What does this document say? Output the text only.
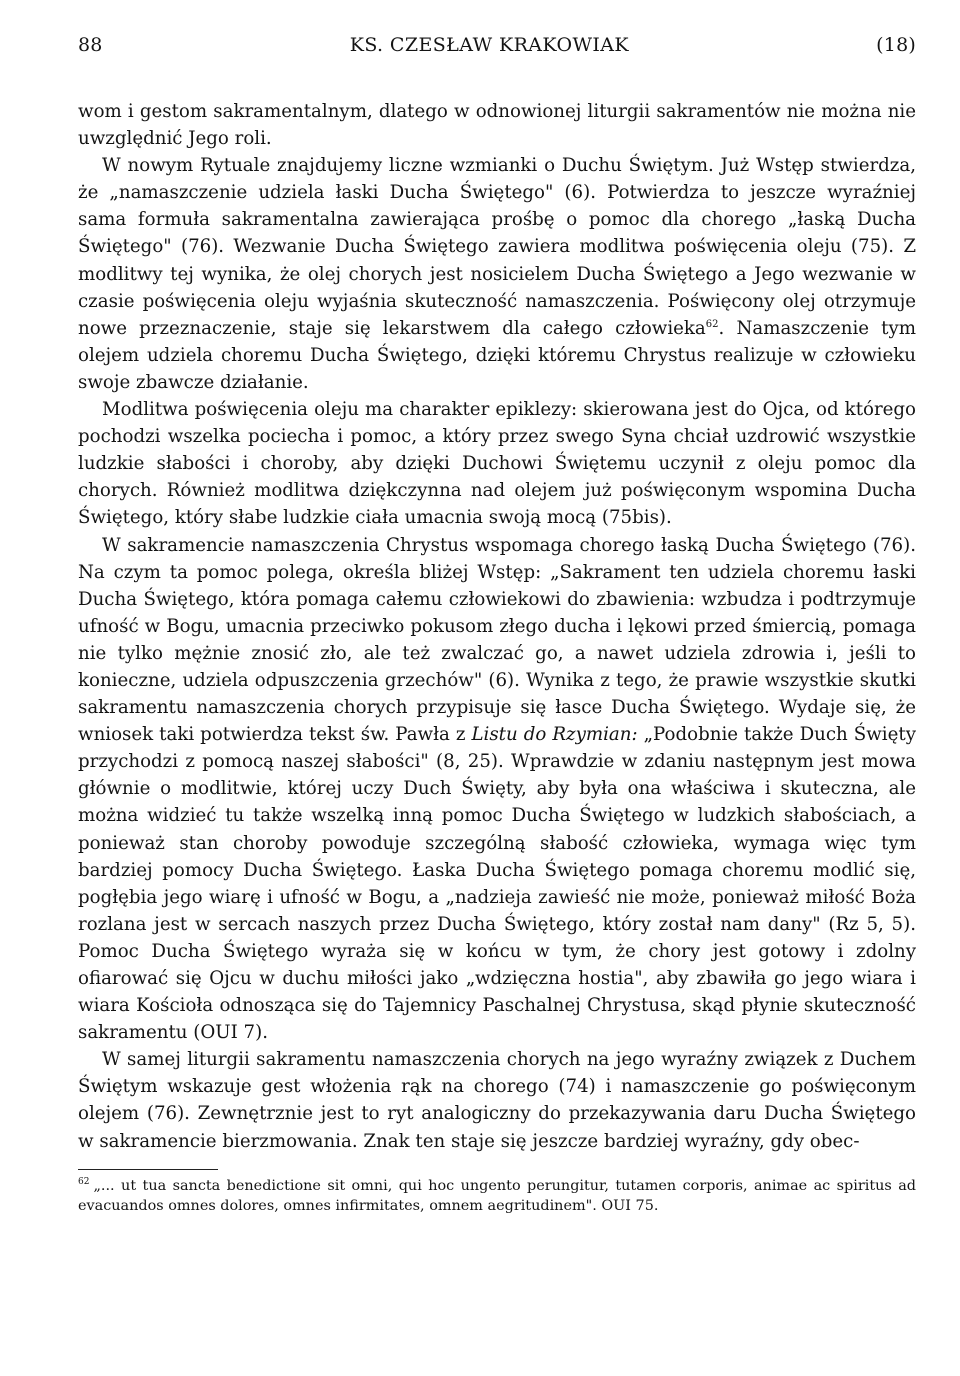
88	KS. CZESŁAW KRAKOWIAK	(18)

wom i gestom sakramentalnym, dlatego w odnowionej liturgii sakramentów nie można nie uwzględnić Jego roli.

W nowym Rytuale znajdujemy liczne wzmianki o Duchu Świętym. Już Wstęp stwierdza, że „namaszczenie udziela łaski Ducha Świętego" (6). Potwierdza to jeszcze wyraźniej sama formuła sakramentalna zawierająca prośbę o pomoc dla chorego „łaską Ducha Świętego" (76). Wezwanie Ducha Świętego zawiera modlitwa poświęcenia oleju (75). Z modlitwy tej wynika, że olej chorych jest nosicielem Ducha Świętego a Jego wezwanie w czasie poświęcenia oleju wyjaśnia skuteczność namaszczenia. Poświęcony olej otrzymuje nowe przeznaczenie, staje się lekarstwem dla całego człowieka$^{62}$. Namaszczenie tym olejem udziela choremu Ducha Świętego, dzięki któremu Chrystus realizuje w człowieku swoje zbawcze działanie.

Modlitwa poświęcenia oleju ma charakter epiklezy: skierowana jest do Ojca, od którego pochodzi wszelka pociecha i pomoc, a który przez swego Syna chciał uzdrowić wszystkie ludzkie słabości i choroby, aby dzięki Duchowi Świętemu uczynił z oleju pomoc dla chorych. Również modlitwa dziękczynna nad olejem już poświęconym wspomina Ducha Świętego, który słabe ludzkie ciała umacnia swoją mocą (75bis).

W sakramencie namaszczenia Chrystus wspomaga chorego łaską Ducha Świętego (76). Na czym ta pomoc polega, określa bliżej Wstęp: „Sakrament ten udziela choremu łaski Ducha Świętego, która pomaga całemu człowiekowi do zbawienia: wzbudza i podtrzymuje ufność w Bogu, umacnia przeciwko pokusom złego ducha i lękowi przed śmiercią, pomaga nie tylko mężnie znosić zło, ale też zwalczać go, a nawet udziela zdrowia i, jeśli to konieczne, udziela odpuszczenia grzechów" (6). Wynika z tego, że prawie wszystkie skutki sakramentu namaszczenia chorych przypisuje się łasce Ducha Świętego. Wydaje się, że wniosek taki potwierdza tekst św. Pawła z Listu do Rzymian: „Podobnie także Duch Święty przychodzi z pomocą naszej słabości" (8, 25). Wprawdzie w zdaniu następnym jest mowa głównie o modlitwie, której uczy Duch Święty, aby była ona właściwa i skuteczna, ale można widzieć tu także wszelką inną pomoc Ducha Świętego w ludzkich słabościach, a ponieważ stan choroby powoduje szczególną słabość człowieka, wymaga więc tym bardziej pomocy Ducha Świętego. Łaska Ducha Świętego pomaga choremu modlić się, pogłębia jego wiarę i ufność w Bogu, a „nadzieja zawieść nie może, ponieważ miłość Boża rozlana jest w sercach naszych przez Ducha Świętego, który został nam dany" (Rz 5, 5). Pomoc Ducha Świętego wyraża się w końcu w tym, że chory jest gotowy i zdolny ofiarować się Ojcu w duchu miłości jako „wdzięczna hostia", aby zbawiła go jego wiara i wiara Kościoła odnosząca się do Tajemnicy Paschalnej Chrystusa, skąd płynie skuteczność sakramentu (OUI 7).

W samej liturgii sakramentu namaszczenia chorych na jego wyraźny związek z Duchem Świętym wskazuje gest włożenia rąk na chorego (74) i namaszczenie go poświęconym olejem (76). Zewnętrznie jest to ryt analogiczny do przekazywania daru Ducha Świętego w sakramencie bierzmowania. Znak ten staje się jeszcze bardziej wyraźny, gdy obec-

$^{62}$ „... ut tua sancta benedictione sit omni, qui hoc ungento perungitur, tutamen corporis, animae ac spiritus ad evacuandos omnes dolores, omnes infirmitates, omnem aegritudinem". OUI 75.
